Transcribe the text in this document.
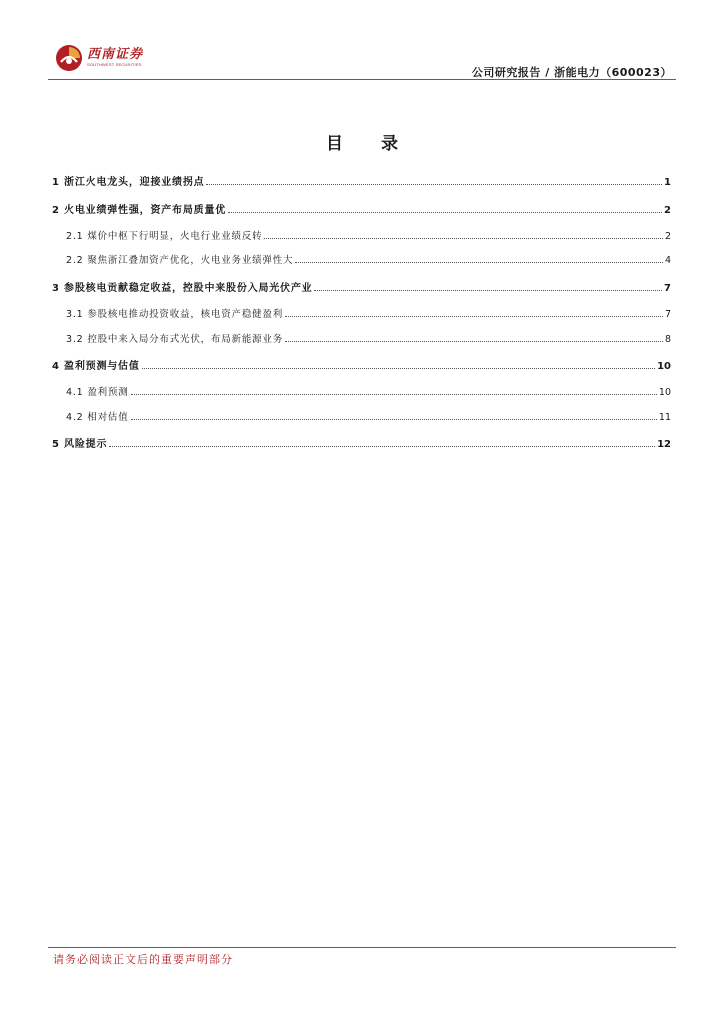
西南证券
SOUTHWEST SECURITIES
公司研究报告 / 浙能电力（600023）
目 录
1 浙江火电龙头，迎接业绩拐点	1
2 火电业绩弹性强，资产布局质量优	2
2.1 煤价中枢下行明显，火电行业业绩反转	2
2.2 聚焦浙江叠加资产优化，火电业务业绩弹性大	4
3 参股核电贡献稳定收益，控股中来股份入局光伏产业	7
3.1 参股核电推动投资收益，核电资产稳健盈利	7
3.2 控股中来入局分布式光伏，布局新能源业务	8
4 盈利预测与估值	10
4.1 盈利预测	10
4.2 相对估值	11
5 风险提示	12
请务必阅读正文后的重要声明部分
